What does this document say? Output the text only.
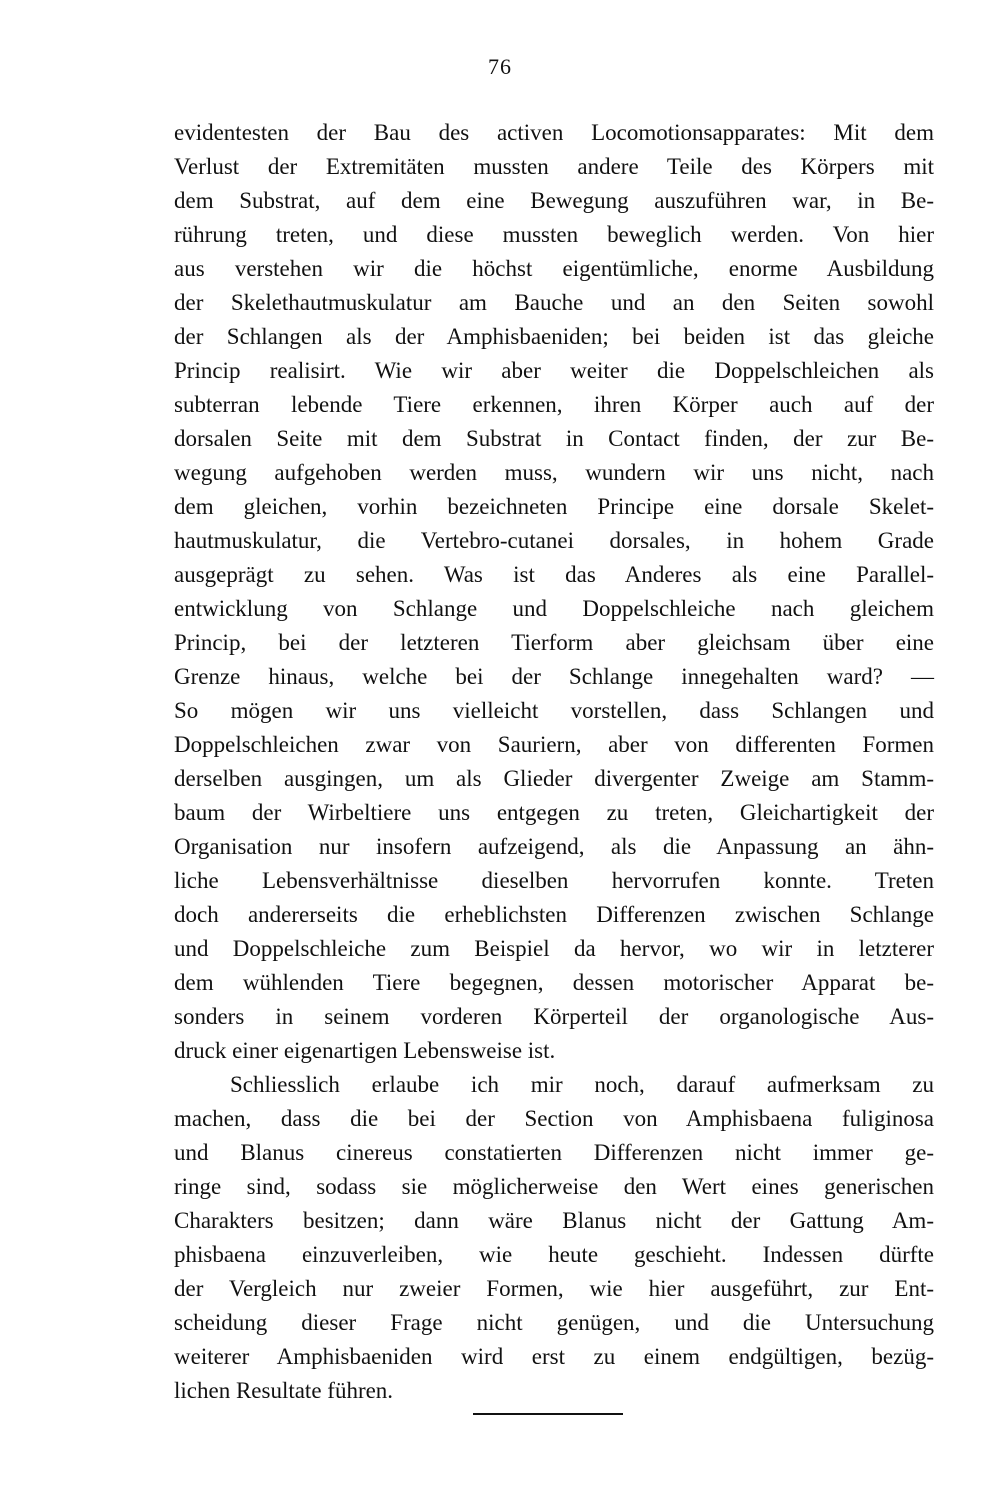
76
evidentesten der Bau des activen Locomotionsapparates: Mit dem
Verlust der Extremitäten mussten andere Teile des Körpers mit
dem Substrat, auf dem eine Bewegung auszuführen war, in Be-
rührung treten, und diese mussten beweglich werden. Von hier
aus verstehen wir die höchst eigentümliche, enorme Ausbildung
der Skelethautmuskulatur am Bauche und an den Seiten sowohl
der Schlangen als der Amphisbaeniden; bei beiden ist das gleiche
Princip realisirt. Wie wir aber weiter die Doppelschleichen als
subterran lebende Tiere erkennen, ihren Körper auch auf der
dorsalen Seite mit dem Substrat in Contact finden, der zur Be-
wegung aufgehoben werden muss, wundern wir uns nicht, nach
dem gleichen, vorhin bezeichneten Principe eine dorsale Skelet-
hautmuskulatur, die Vertebro-cutanei dorsales, in hohem Grade
ausgeprägt zu sehen. Was ist das Anderes als eine Parallel-
entwicklung von Schlange und Doppelschleiche nach gleichem
Princip, bei der letzteren Tierform aber gleichsam über eine
Grenze hinaus, welche bei der Schlange innegehalten ward? —
So mögen wir uns vielleicht vorstellen, dass Schlangen und
Doppelschleichen zwar von Sauriern, aber von differenten Formen
derselben ausgingen, um als Glieder divergenter Zweige am Stamm-
baum der Wirbeltiere uns entgegen zu treten, Gleichartigkeit der
Organisation nur insofern aufzeigend, als die Anpassung an ähn-
liche Lebensverhältnisse dieselben hervorrufen konnte. Treten
doch andererseits die erheblichsten Differenzen zwischen Schlange
und Doppelschleiche zum Beispiel da hervor, wo wir in letzterer
dem wühlenden Tiere begegnen, dessen motorischer Apparat be-
sonders in seinem vorderen Körperteil der organologische Aus-
druck einer eigenartigen Lebensweise ist.
Schliesslich erlaube ich mir noch, darauf aufmerksam zu
machen, dass die bei der Section von Amphisbaena fuliginosa
und Blanus cinereus constatierten Differenzen nicht immer ge-
ringe sind, sodass sie möglicherweise den Wert eines generischen
Charakters besitzen; dann wäre Blanus nicht der Gattung Am-
phisbaena einzuverleiben, wie heute geschieht. Indessen dürfte
der Vergleich nur zweier Formen, wie hier ausgeführt, zur Ent-
scheidung dieser Frage nicht genügen, und die Untersuchung
weiterer Amphisbaeniden wird erst zu einem endgültigen, bezüg-
lichen Resultate führen.
